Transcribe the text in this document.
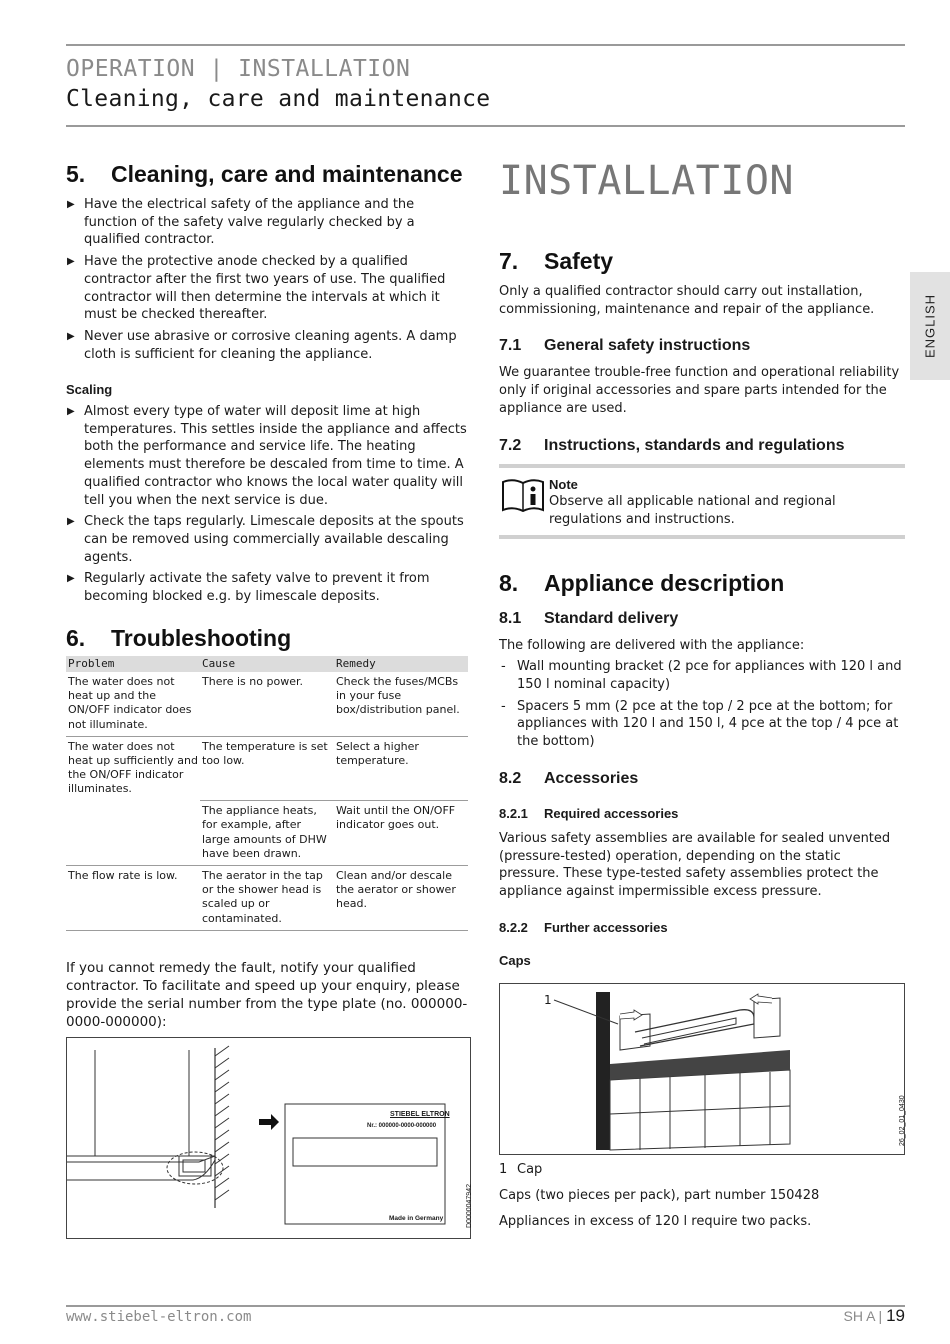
OPERATION | INSTALLATION
Cleaning, care and maintenance
ENGLISH
5. Cleaning, care and maintenance
▶ Have the electrical safety of the appliance and the function of the safety valve regularly checked by a qualified contractor.
▶ Have the protective anode checked by a qualified contractor after the first two years of use. The qualified contractor will then determine the intervals at which it must be checked thereafter.
▶ Never use abrasive or corrosive cleaning agents. A damp cloth is sufficient for cleaning the appliance.
Scaling
▶ Almost every type of water will deposit lime at high temperatures. This settles inside the appliance and affects both the performance and service life. The heating elements must therefore be descaled from time to time. A qualified contractor who knows the local water quality will tell you when the next service is due.
▶ Check the taps regularly. Limescale deposits at the spouts can be removed using commercially available descaling agents.
▶ Regularly activate the safety valve to prevent it from becoming blocked e.g. by limescale deposits.
6. Troubleshooting
Problem	Cause	Remedy
The water does not heat up and the ON/OFF indicator does not illuminate.	There is no power.	Check the fuses/MCBs in your fuse box/distribution panel.
The water does not heat up sufficiently and the ON/OFF indicator illuminates.	The temperature is set too low.	Select a higher temperature.
	The appliance heats, for example, after large amounts of DHW have been drawn.	Wait until the ON/OFF indicator goes out.
The flow rate is low.	The aerator in the tap or the shower head is scaled up or contaminated.	Clean and/or descale the aerator or shower head.

If you cannot remedy the fault, notify your qualified contractor. To facilitate and speed up your enquiry, please provide the serial number from the type plate (no. 000000-0000-000000):

STIEBEL ELTRON
Nr.: 000000-0000-000000
Made in Germany	D0000047942
INSTALLATION
7. Safety

Only a qualified contractor should carry out installation, commissioning, maintenance and repair of the appliance.

7.1 General safety instructions

We guarantee trouble-free function and operational reliability only if original accessories and spare parts intended for the appliance are used.

7.2 Instructions, standards and regulations
Note
Observe all applicable national and regional regulations and instructions.
8. Appliance description
8.1 Standard delivery

The following are delivered with the appliance:

- Wall mounting bracket (2 pce for appliances with 120 l and 150 l nominal capacity)
- Spacers 5 mm (2 pce at the top / 2 pce at the bottom; for appliances with 120 l and 150 l, 4 pce at the top / 4 pce at the bottom)
8.2 Accessories
8.2.1 Required accessories

Various safety assemblies are available for sealed unvented (pressure-tested) operation, depending on the static pressure. These type-tested safety assemblies protect the appliance against impermissible excess pressure.

8.2.2 Further accessories
Caps
1
26_02_01_0430

1 Cap

Caps (two pieces per pack), part number 150428

Appliances in excess of 120 l require two packs.

www.stiebel-eltron.com	SH A | 19
